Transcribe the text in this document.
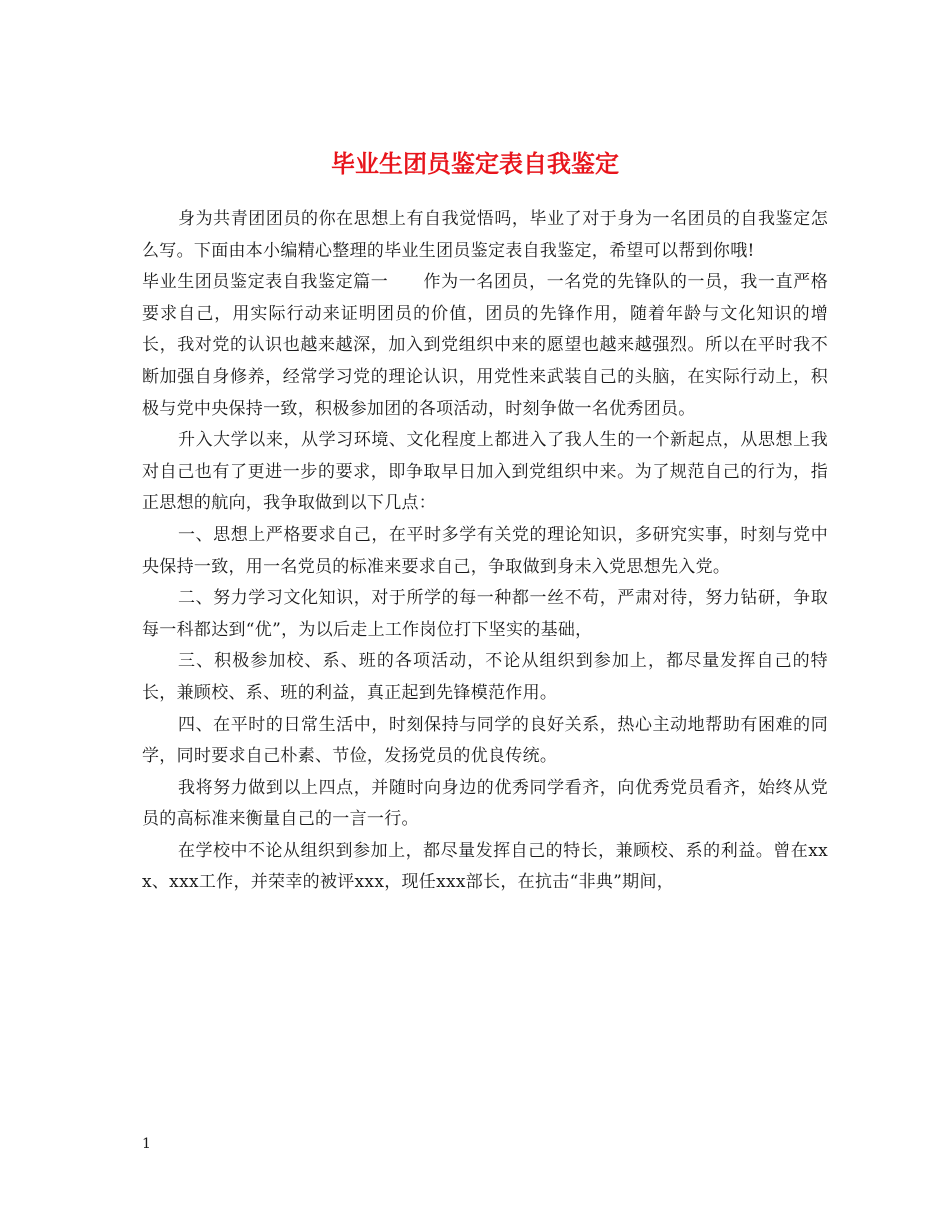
毕业生团员鉴定表自我鉴定

身为共青团团员的你在思想上有自我觉悟吗，毕业了对于身为一名团员的自我鉴定怎么写。下面由本小编精心整理的毕业生团员鉴定表自我鉴定，希望可以帮到你哦!

毕业生团员鉴定表自我鉴定篇一　　作为一名团员，一名党的先锋队的一员，我一直严格要求自己，用实际行动来证明团员的价值，团员的先锋作用，随着年龄与文化知识的增长，我对党的认识也越来越深，加入到党组织中来的愿望也越来越强烈。所以在平时我不断加强自身修养，经常学习党的理论认识，用党性来武装自己的头脑，在实际行动上，积极与党中央保持一致，积极参加团的各项活动，时刻争做一名优秀团员。

升入大学以来，从学习环境、文化程度上都进入了我人生的一个新起点，从思想上我对自己也有了更进一步的要求，即争取早日加入到党组织中来。为了规范自己的行为，指正思想的航向，我争取做到以下几点：

一、思想上严格要求自己，在平时多学有关党的理论知识，多研究实事，时刻与党中央保持一致，用一名党员的标准来要求自己，争取做到身未入党思想先入党。

二、努力学习文化知识，对于所学的每一种都一丝不苟，严肃对待，努力钻研，争取每一科都达到“优”，为以后走上工作岗位打下坚实的基础，

三、积极参加校、系、班的各项活动，不论从组织到参加上，都尽量发挥自己的特长，兼顾校、系、班的利益，真正起到先锋模范作用。

四、在平时的日常生活中，时刻保持与同学的良好关系，热心主动地帮助有困难的同学，同时要求自己朴素、节俭，发扬党员的优良传统。

我将努力做到以上四点，并随时向身边的优秀同学看齐，向优秀党员看齐，始终从党员的高标准来衡量自己的一言一行。

在学校中不论从组织到参加上，都尽量发挥自己的特长，兼顾校、系的利益。曾在xxx、xxx工作，并荣幸的被评xxx，现任xxx部长，在抗击“非典”期间，

1
